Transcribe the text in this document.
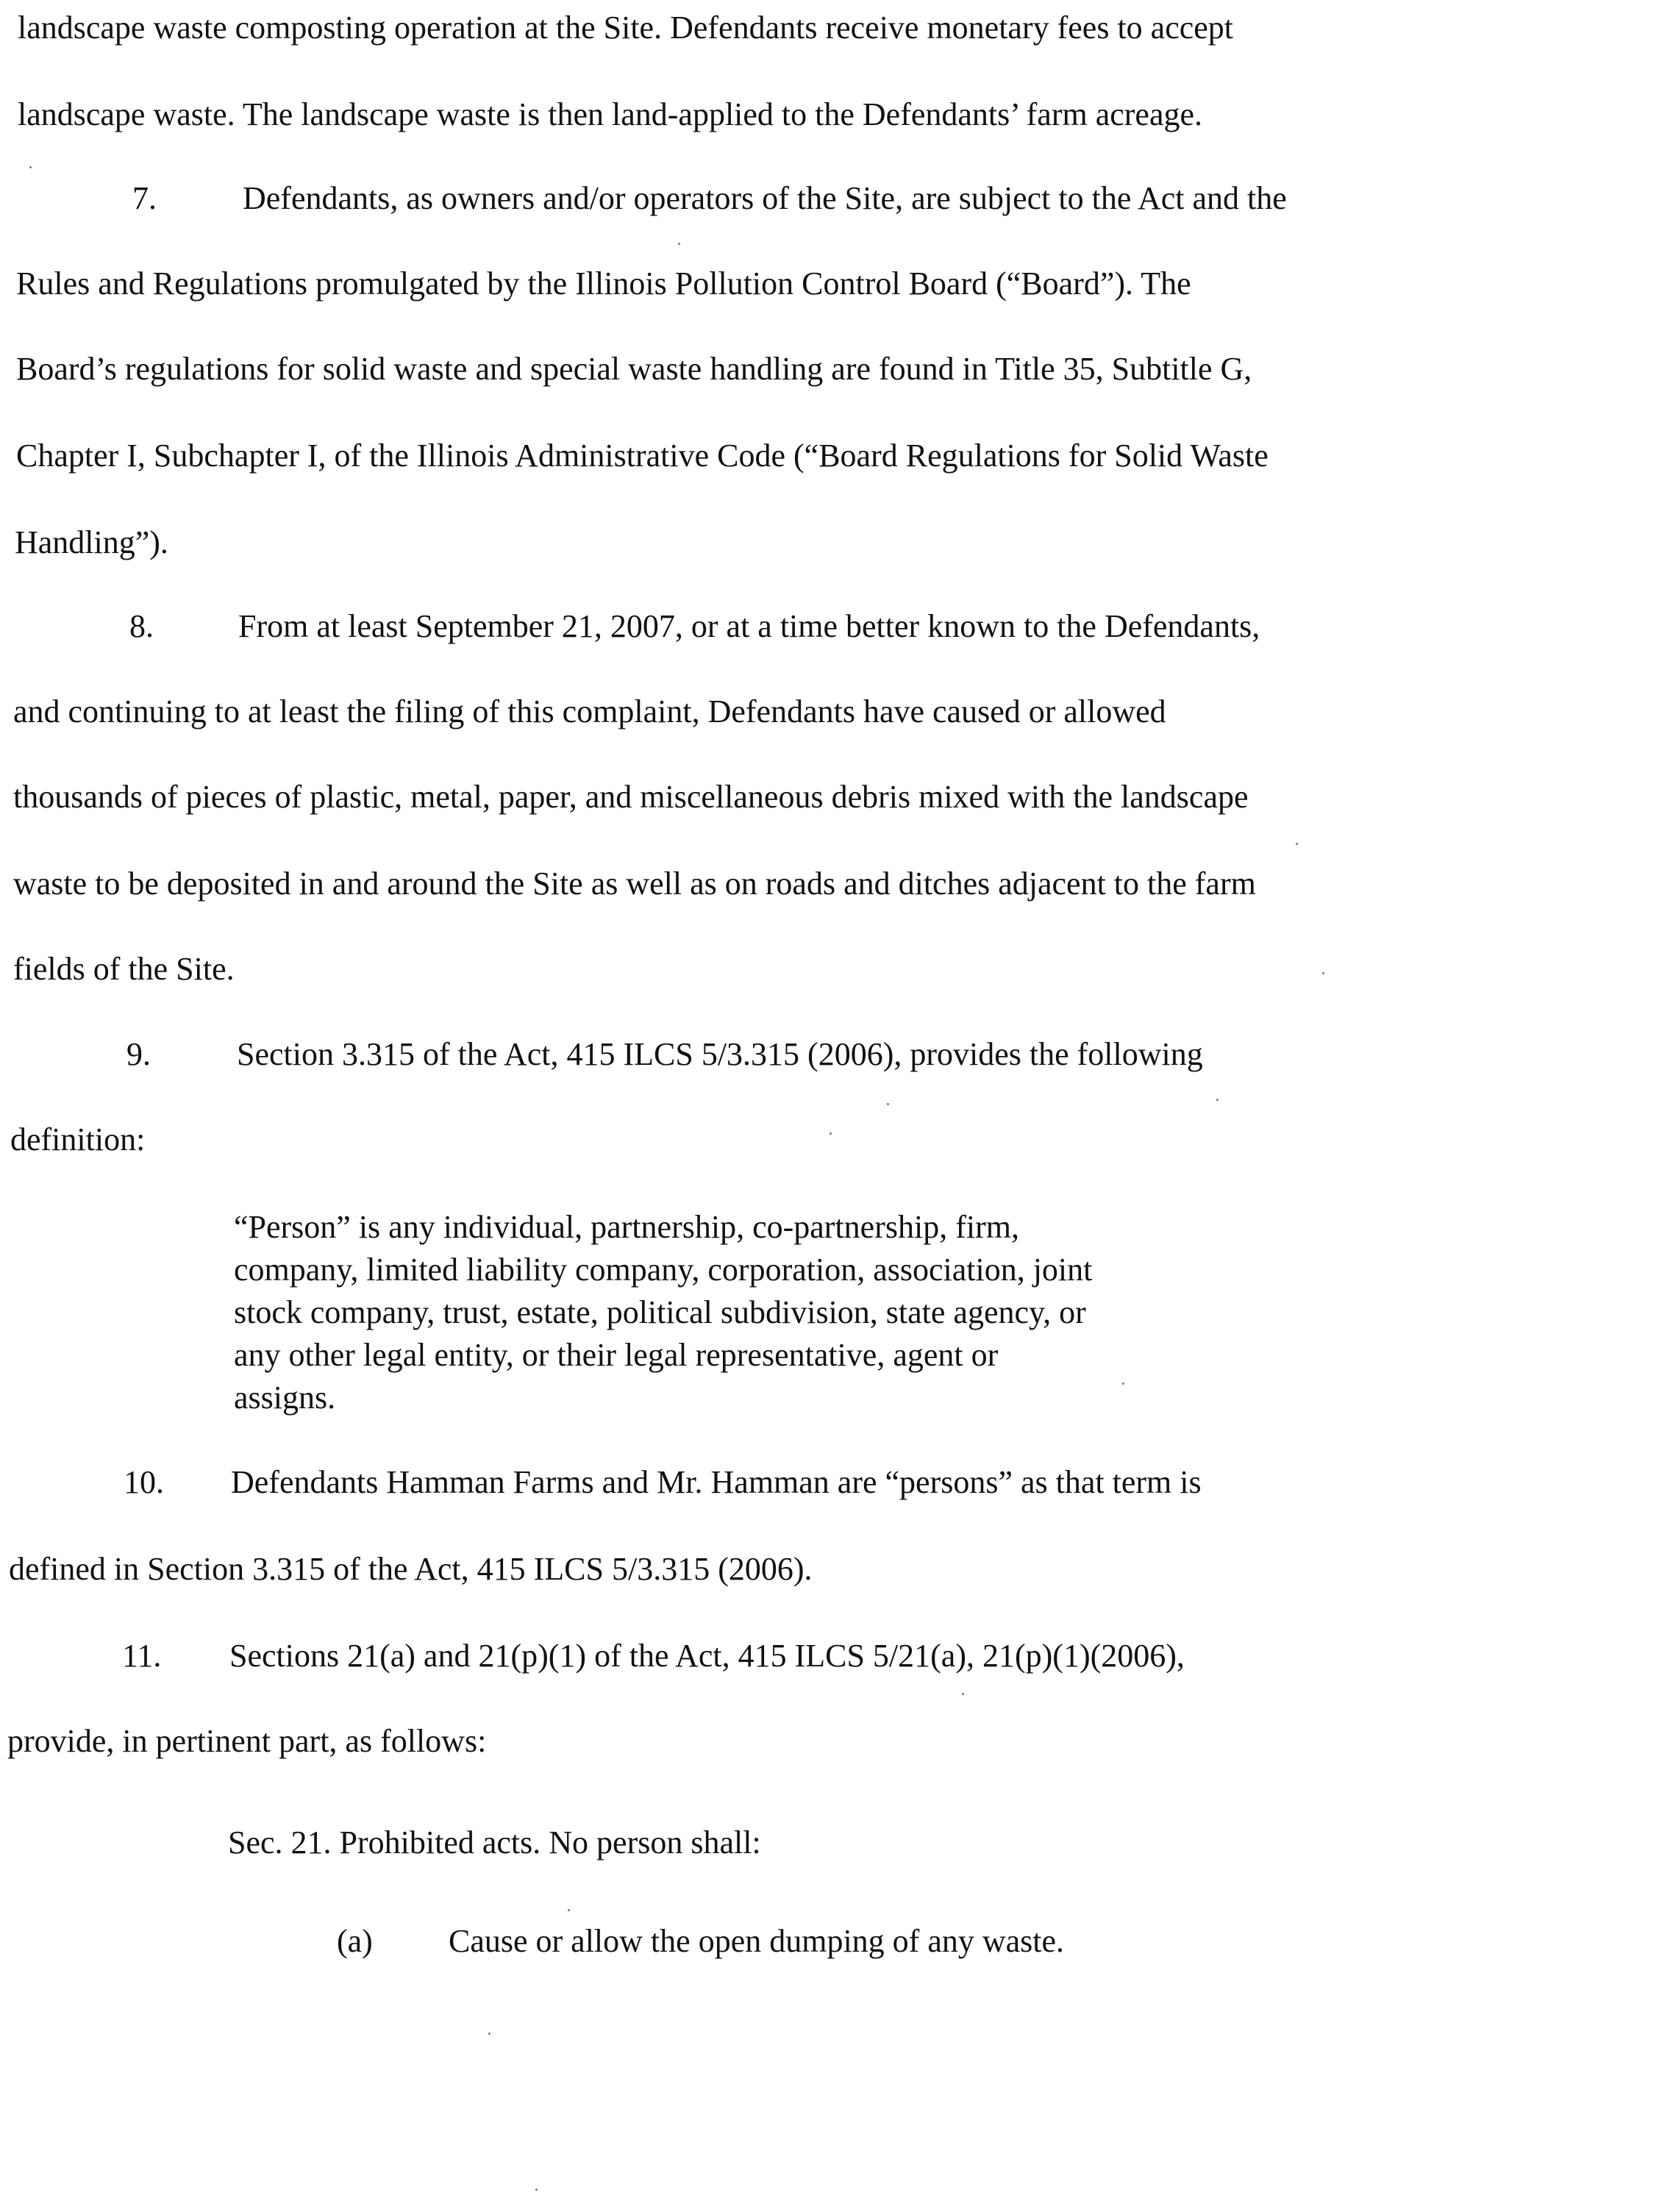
landscape waste composting operation at the Site. Defendants receive monetary fees to accept
landscape waste. The landscape waste is then land-applied to the Defendants’ farm acreage.
7.	Defendants, as owners and/or operators of the Site, are subject to the Act and the
Rules and Regulations promulgated by the Illinois Pollution Control Board (“Board”). The
Board’s regulations for solid waste and special waste handling are found in Title 35, Subtitle G,
Chapter I, Subchapter I, of the Illinois Administrative Code (“Board Regulations for Solid Waste
Handling”).
8.	From at least September 21, 2007, or at a time better known to the Defendants,
and continuing to at least the filing of this complaint, Defendants have caused or allowed
thousands of pieces of plastic, metal, paper, and miscellaneous debris mixed with the landscape
waste to be deposited in and around the Site as well as on roads and ditches adjacent to the farm
fields of the Site.
9.	Section 3.315 of the Act, 415 ILCS 5/3.315 (2006), provides the following
definition:
“Person” is any individual, partnership, co-partnership, firm,
company, limited liability company, corporation, association, joint
stock company, trust, estate, political subdivision, state agency, or
any other legal entity, or their legal representative, agent or
assigns.
10. Defendants Hamman Farms and Mr. Hamman are “persons” as that term is
defined in Section 3.315 of the Act, 415 ILCS 5/3.315 (2006).
11. Sections 21(a) and 21(p)(1) of the Act, 415 ILCS 5/21(a), 21(p)(1)(2006),
provide, in pertinent part, as follows:
Sec. 21. Prohibited acts. No person shall:
(a) Cause or allow the open dumping of any waste.
